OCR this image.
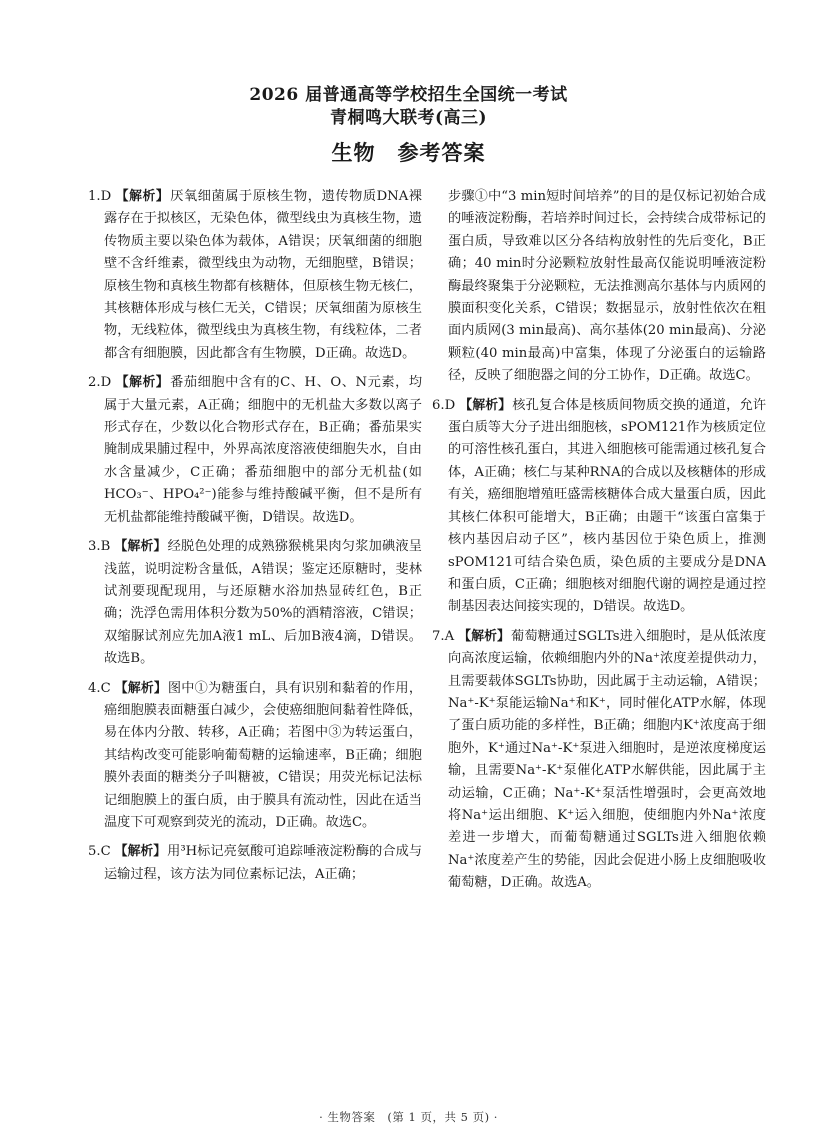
2026 届普通高等学校招生全国统一考试
青桐鸣大联考(高三)
生物　参考答案
1.D 【解析】厌氧细菌属于原核生物，遗传物质DNA裸露存在于拟核区，无染色体，微型线虫为真核生物，遗传物质主要以染色体为载体，A错误；厌氧细菌的细胞壁不含纤维素，微型线虫为动物，无细胞壁，B错误；原核生物和真核生物都有核糖体，但原核生物无核仁，其核糖体形成与核仁无关，C错误；厌氧细菌为原核生物，无线粒体，微型线虫为真核生物，有线粒体，二者都含有细胞膜，因此都含有生物膜，D正确。故选D。
2.D 【解析】番茄细胞中含有的C、H、O、N元素，均属于大量元素，A正确；细胞中的无机盐大多数以离子形式存在，少数以化合物形式存在，B正确；番茄果实腌制成果脯过程中，外界高浓度溶液使细胞失水，自由水含量减少，C正确；番茄细胞中的部分无机盐(如HCO₃⁻、HPO₄²⁻)能参与维持酸碱平衡，但不是所有无机盐都能维持酸碱平衡，D错误。故选D。
3.B 【解析】经脱色处理的成熟猕猴桃果肉匀浆加碘液呈浅蓝，说明淀粉含量低，A错误；鉴定还原糖时，斐林试剂要现配现用，与还原糖水浴加热显砖红色，B正确；洗浮色需用体积分数为50%的酒精溶液，C错误；双缩脲试剂应先加A液1 mL、后加B液4滴，D错误。故选B。
4.C 【解析】图中①为糖蛋白，具有识别和黏着的作用，癌细胞膜表面糖蛋白减少，会使癌细胞间黏着性降低，易在体内分散、转移，A正确；若图中③为转运蛋白，其结构改变可能影响葡萄糖的运输速率，B正确；细胞膜外表面的糖类分子叫糖被，C错误；用荧光标记法标记细胞膜上的蛋白质，由于膜具有流动性，因此在适当温度下可观察到荧光的流动，D正确。故选C。
5.C 【解析】用³H标记亮氨酸可追踪唾液淀粉酶的合成与运输过程，该方法为同位素标记法，A正确；
步骤①中“3 min短时间培养”的目的是仅标记初始合成的唾液淀粉酶，若培养时间过长，会持续合成带标记的蛋白质，导致难以区分各结构放射性的先后变化，B正确；40 min时分泌颗粒放射性最高仅能说明唾液淀粉酶最终聚集于分泌颗粒，无法推测高尔基体与内质网的膜面积变化关系，C错误；数据显示，放射性依次在粗面内质网(3 min最高)、高尔基体(20 min最高)、分泌颗粒(40 min最高)中富集，体现了分泌蛋白的运输路径，反映了细胞器之间的分工协作，D正确。故选C。
6.D 【解析】核孔复合体是核质间物质交换的通道，允许蛋白质等大分子进出细胞核，sPOM121作为核质定位的可溶性核孔蛋白，其进入细胞核可能需通过核孔复合体，A正确；核仁与某种RNA的合成以及核糖体的形成有关，癌细胞增殖旺盛需核糖体合成大量蛋白质，因此其核仁体积可能增大，B正确；由题干“该蛋白富集于核内基因启动子区”，核内基因位于染色质上，推测sPOM121可结合染色质，染色质的主要成分是DNA和蛋白质，C正确；细胞核对细胞代谢的调控是通过控制基因表达间接实现的，D错误。故选D。
7.A 【解析】葡萄糖通过SGLTs进入细胞时，是从低浓度向高浓度运输，依赖细胞内外的Na⁺浓度差提供动力，且需要载体SGLTs协助，因此属于主动运输，A错误；Na⁺-K⁺泵能运输Na⁺和K⁺，同时催化ATP水解，体现了蛋白质功能的多样性，B正确；细胞内K⁺浓度高于细胞外，K⁺通过Na⁺-K⁺泵进入细胞时，是逆浓度梯度运输，且需要Na⁺-K⁺泵催化ATP水解供能，因此属于主动运输，C正确；Na⁺-K⁺泵活性增强时，会更高效地将Na⁺运出细胞、K⁺运入细胞，使细胞内外Na⁺浓度差进一步增大，而葡萄糖通过SGLTs进入细胞依赖Na⁺浓度差产生的势能，因此会促进小肠上皮细胞吸收葡萄糖，D正确。故选A。
· 生物答案　(第 1 页，共 5 页) ·
